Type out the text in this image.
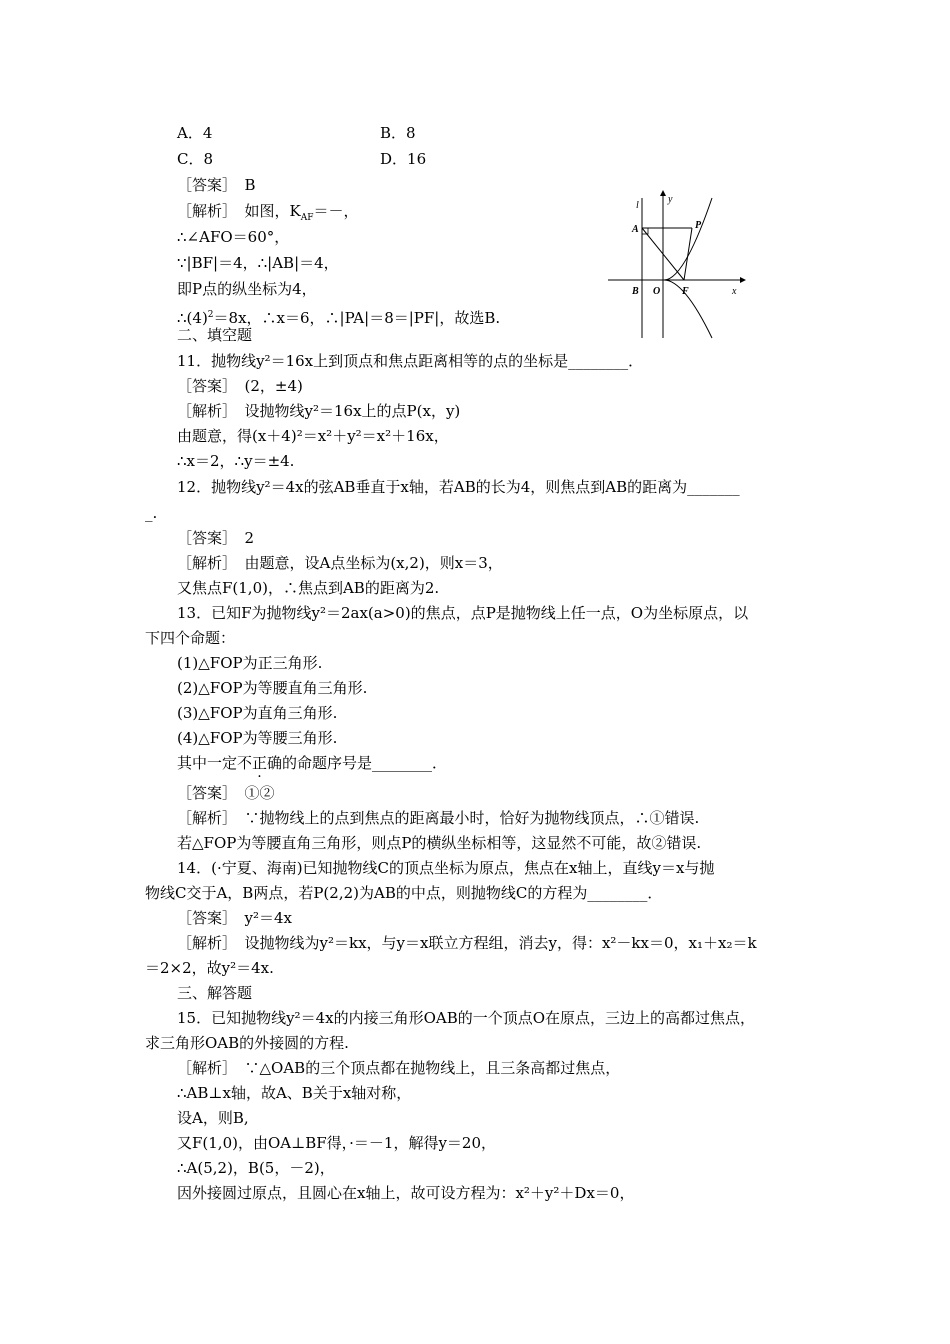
A．4	B．8
C．8	D．16
［答案］　B
［解析］　如图，$K_{AF}=-$，
∴∠AFO＝60°，
∵|BF|＝4，∴|AB|＝4，
即P点的纵坐标为4，
$\therefore(4)^2=8x$，∴x＝6，∴|PA|＝8＝|PF|，故选B.
l
y
x
A	P
B O F
二、填空题
11．抛物线y²＝16x上到顶点和焦点距离相等的点的坐标是________．
［答案］　(2，±4)
［解析］　设抛物线y²＝16x上的点P(x，y)
由题意，得(x＋4)²＝x²＋y²＝x²＋16x，
∴x＝2，∴y＝±4.
12．抛物线y²＝4x的弦AB垂直于x轴，若AB的长为4，则焦点到AB的距离为_______
_.
［答案］　2
［解析］　由题意，设A点坐标为(x,2)，则x＝3，
又焦点F(1,0)，∴焦点到AB的距离为2.
13．已知F为抛物线y²＝2ax(a>0)的焦点，点P是抛物线上任一点，O为坐标原点，以
下四个命题：
(1)△FOP为正三角形.
(2)△FOP为等腰直角三角形.
(3)△FOP为直角三角形.
(4)△FOP为等腰三角形.
其中一定不正确的命题序号是________．
［答案］　①②
［解析］　∵抛物线上的点到焦点的距离最小时，恰好为抛物线顶点，∴①错误.
若△FOP为等腰直角三角形，则点P的横纵坐标相等，这显然不可能，故②错误.
14．(·宁夏、海南)已知抛物线C的顶点坐标为原点，焦点在x轴上，直线y＝x与抛
物线C交于A，B两点，若P(2,2)为AB的中点，则抛物线C的方程为________．
［答案］　y²＝4x
［解析］　设抛物线为y²＝kx，与y＝x联立方程组，消去y，得：x²－kx＝0，x₁＋x₂＝k
＝2×2，故y²＝4x.
三、解答题
15．已知抛物线y²＝4x的内接三角形OAB的一个顶点O在原点，三边上的高都过焦点，
求三角形OAB的外接圆的方程.
［解析］　∵△OAB的三个顶点都在抛物线上，且三条高都过焦点，
∴AB⊥x轴，故A、B关于x轴对称，
设A，则B,
又F(1,0)，由OA⊥BF得，·＝－1，解得y＝20，
∴A(5,2)，B(5，－2)，
因外接圆过原点，且圆心在x轴上，故可设方程为：x²＋y²＋Dx＝0，
